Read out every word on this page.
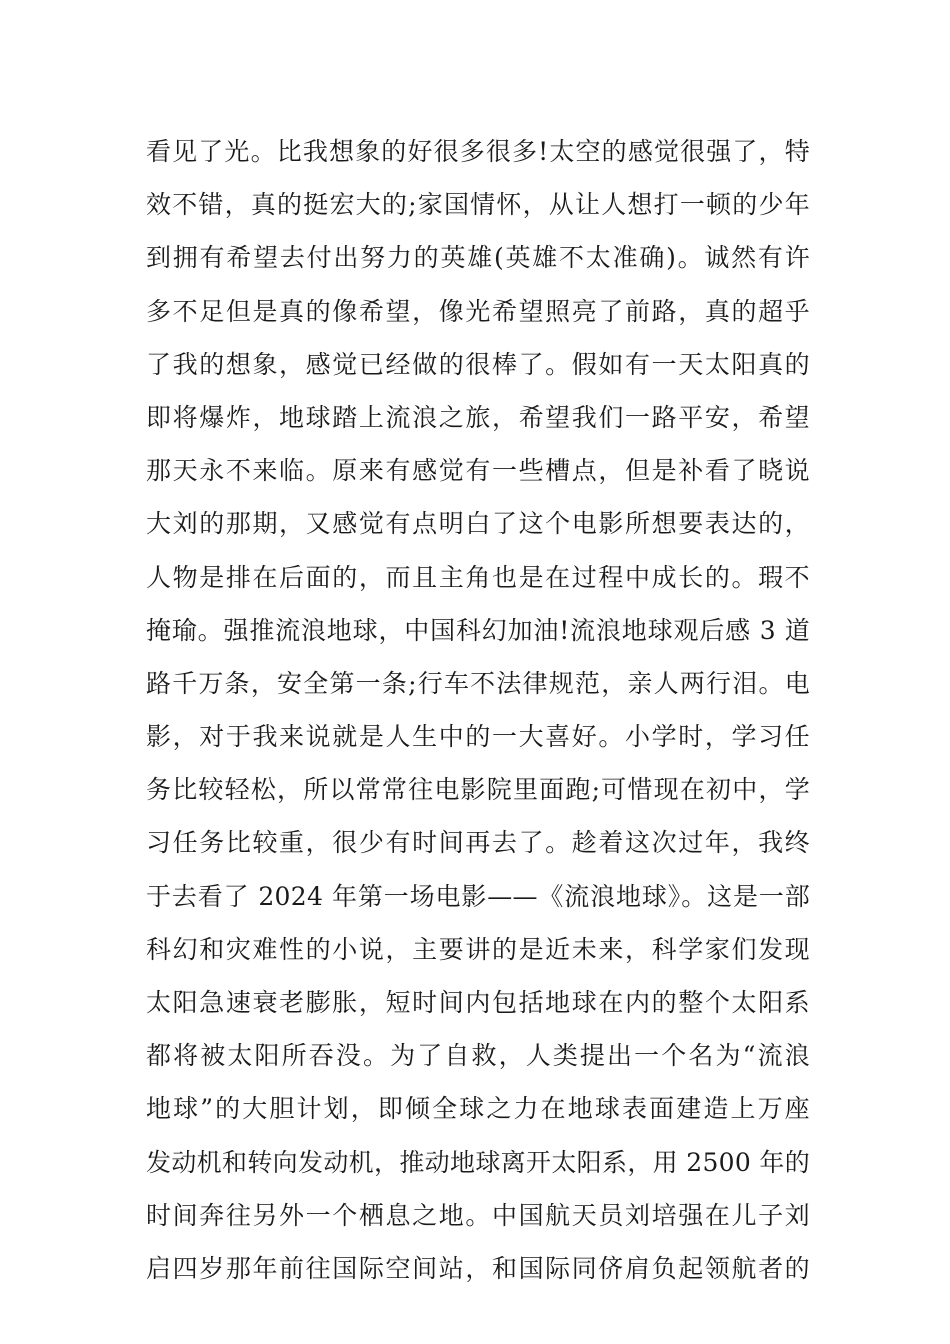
看见了光。比我想象的好很多很多!太空的感觉很强了，特
效不错，真的挺宏大的;家国情怀，从让人想打一顿的少年
到拥有希望去付出努力的英雄(英雄不太准确)。诚然有许
多不足但是真的像希望，像光希望照亮了前路，真的超乎
了我的想象，感觉已经做的很棒了。假如有一天太阳真的
即将爆炸，地球踏上流浪之旅，希望我们一路平安，希望
那天永不来临。原来有感觉有一些槽点，但是补看了晓说
大刘的那期，又感觉有点明白了这个电影所想要表达的，
人物是排在后面的，而且主角也是在过程中成长的。瑕不
掩瑜。强推流浪地球，中国科幻加油!流浪地球观后感 3 道
路千万条，安全第一条;行车不法律规范，亲人两行泪。电
影，对于我来说就是人生中的一大喜好。小学时，学习任
务比较轻松，所以常常往电影院里面跑;可惜现在初中，学
习任务比较重，很少有时间再去了。趁着这次过年，我终
于去看了 2024 年第一场电影——《流浪地球》。这是一部
科幻和灾难性的小说，主要讲的是近未来，科学家们发现
太阳急速衰老膨胀，短时间内包括地球在内的整个太阳系
都将被太阳所吞没。为了自救，人类提出一个名为“流浪
地球”的大胆计划，即倾全球之力在地球表面建造上万座
发动机和转向发动机，推动地球离开太阳系，用 2500 年的
时间奔往另外一个栖息之地。中国航天员刘培强在儿子刘
启四岁那年前往国际空间站，和国际同侪肩负起领航者的
